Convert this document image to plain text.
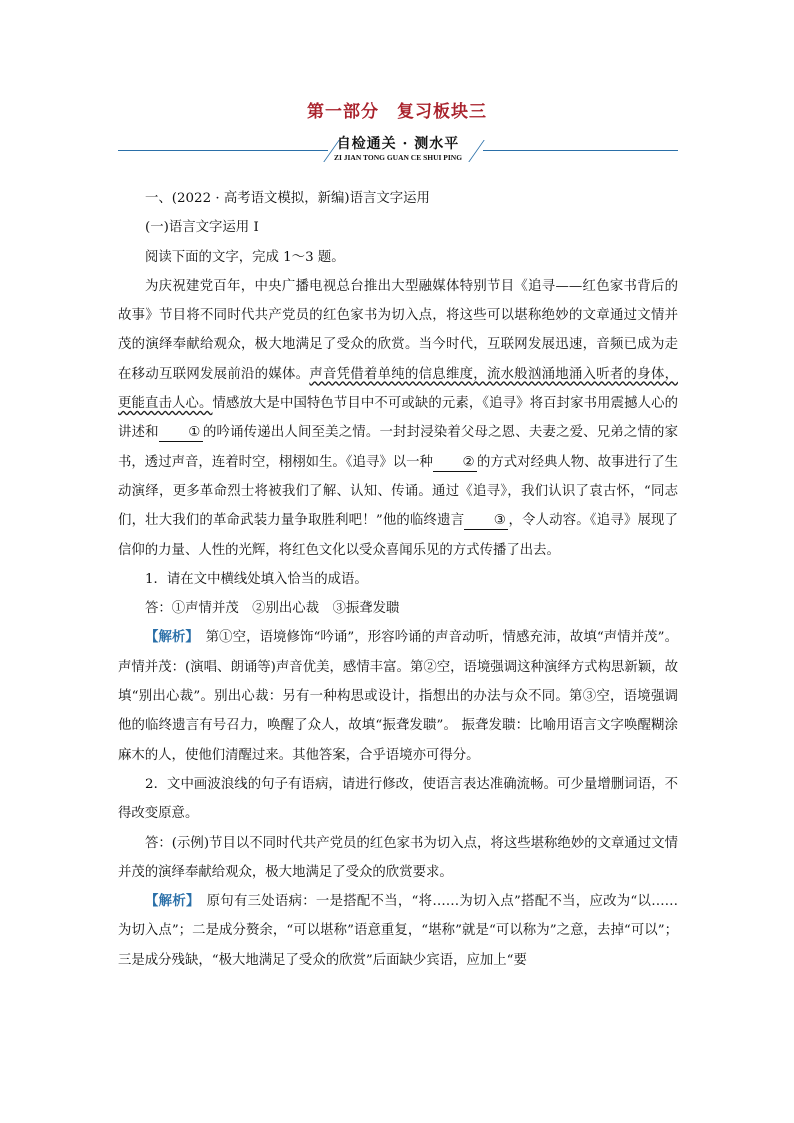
第一部分　复习板块三
自检通关 · 测水平
ZI JIAN TONG GUAN CE SHUI PING

一、(2022 · 高考语文模拟，新编)语言文字运用

(一)语言文字运用 Ⅰ

阅读下面的文字，完成 1～3 题。

为庆祝建党百年，中央广播电视总台推出大型融媒体特别节目《追寻——红色家书背后的故事》节目将不同时代共产党员的红色家书为切入点，将这些可以堪称绝妙的文章通过文情并茂的演绎奉献给观众，极大地满足了受众的欣赏。当今时代，互联网发展迅速，音频已成为走在移动互联网发展前沿的媒体。声音凭借着单纯的信息维度，流水般汹涌地涌入听者的身体，更能直击人心。情感放大是中国特色节目中不可或缺的元素，《追寻》将百封家书用震撼人心的讲述和 ① 的吟诵传递出人间至美之情。一封封浸染着父母之恩、夫妻之爱、兄弟之情的家书，透过声音，连着时空，栩栩如生。《追寻》以一种 ② 的方式对经典人物、故事进行了生动演绎，更多革命烈士将被我们了解、认知、传诵。通过《追寻》，我们认识了袁古怀，“同志们，壮大我们的革命武装力量争取胜利吧！”他的临终遗言 ③ ，令人动容。《追寻》展现了信仰的力量、人性的光辉，将红色文化以受众喜闻乐见的方式传播了出去。

1．请在文中横线处填入恰当的成语。

答：①声情并茂　②别出心裁　③振聋发聩

【解析】　第①空，语境修饰“吟诵”，形容吟诵的声音动听，情感充沛，故填“声情并茂”。声情并茂：(演唱、朗诵等)声音优美，感情丰富。第②空，语境强调这种演绎方式构思新颖，故填“别出心裁”。别出心裁：另有一种构思或设计，指想出的办法与众不同。第③空，语境强调他的临终遗言有号召力，唤醒了众人，故填“振聋发聩”。 振聋发聩：比喻用语言文字唤醒糊涂麻木的人，使他们清醒过来。其他答案，合乎语境亦可得分。

2．文中画波浪线的句子有语病，请进行修改，使语言表达准确流畅。可少量增删词语，不得改变原意。

答：(示例)节目以不同时代共产党员的红色家书为切入点，将这些堪称绝妙的文章通过文情并茂的演绎奉献给观众，极大地满足了受众的欣赏要求。

【解析】　原句有三处语病：一是搭配不当，“将……为切入点”搭配不当，应改为“以……为切入点”；二是成分赘余，“可以堪称”语意重复，“堪称”就是“可以称为”之意，去掉“可以”；三是成分残缺，“极大地满足了受众的欣赏”后面缺少宾语，应加上“要
